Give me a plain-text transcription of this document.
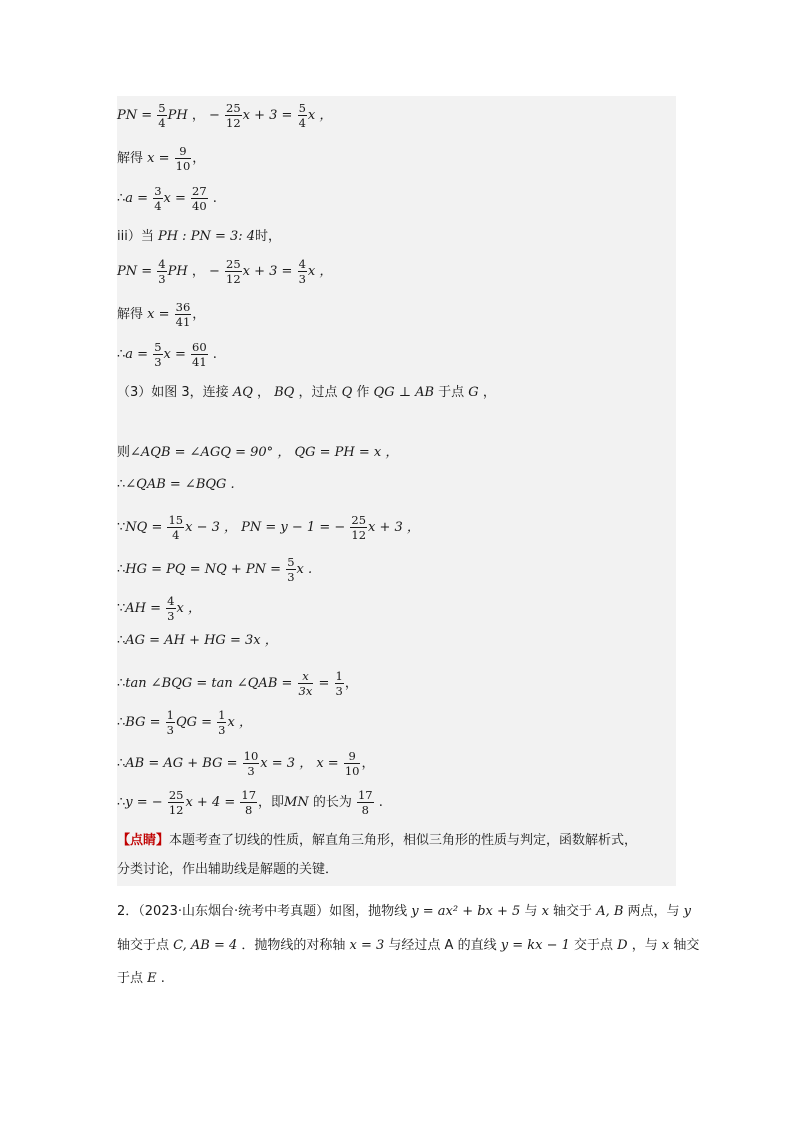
PN = $\frac{5}{4}$ PH ， − $\frac{25}{12}$ $x + 3 = \frac{5}{4}$ x ，
解得 $x = \frac{9}{10}$ ，
∴a = $\frac{3}{4}$ $x = \frac{27}{40}$ .
iii）当 PH : PN = 3: 4时，
PN = $\frac{4}{3}$ PH ， − $\frac{25}{12}$ $x + 3 = \frac{4}{3}$ x ，
解得 $x = \frac{36}{41}$ ，
∴a = $\frac{5}{3}$ $x = \frac{60}{41}$ .
（3）如图 3，连接 AQ ， BQ ，过点 Q 作 QG ⊥ AB 于点 G ，
则∠AQB = ∠AGQ = 90° ， QG = PH = x ，
∴∠QAB = ∠BQG .
∵NQ = $\frac{15}{4}$ x − 3 ， PN = y − 1 = − $\frac{25}{12}$ x + 3 ，
∴HG = PQ = NQ + PN = $\frac{5}{3}$ x .
∵AH = $\frac{4}{3}$ x ，
∴AG = AH + HG = 3x ，
∴tan ∠BQG = tan ∠QAB = $\frac{x}{3x} = \frac{1}{3}$ ，
∴BG = $\frac{1}{3}$ QG = $\frac{1}{3}$ x ，
∴AB = AG + BG = $\frac{10}{3}$ x = 3 ， $x = \frac{9}{10}$ ，
∴y = − $\frac{25}{12}$ $x + 4 = \frac{17}{8}$ ，即MN 的长为 $\frac{17}{8}$ .
【点睛】本题考查了切线的性质，解直角三角形，相似三角形的性质与判定，函数解析式，
分类讨论，作出辅助线是解题的关键．
2．（2023·山东烟台·统考中考真题）如图，抛物线 y = ax² + bx + 5 与 x 轴交于 A, B 两点，与 y
轴交于点 C, AB = 4 ．抛物线的对称轴 x = 3 与经过点 A 的直线 y = kx − 1 交于点 D ，与 x 轴交
于点 E .
